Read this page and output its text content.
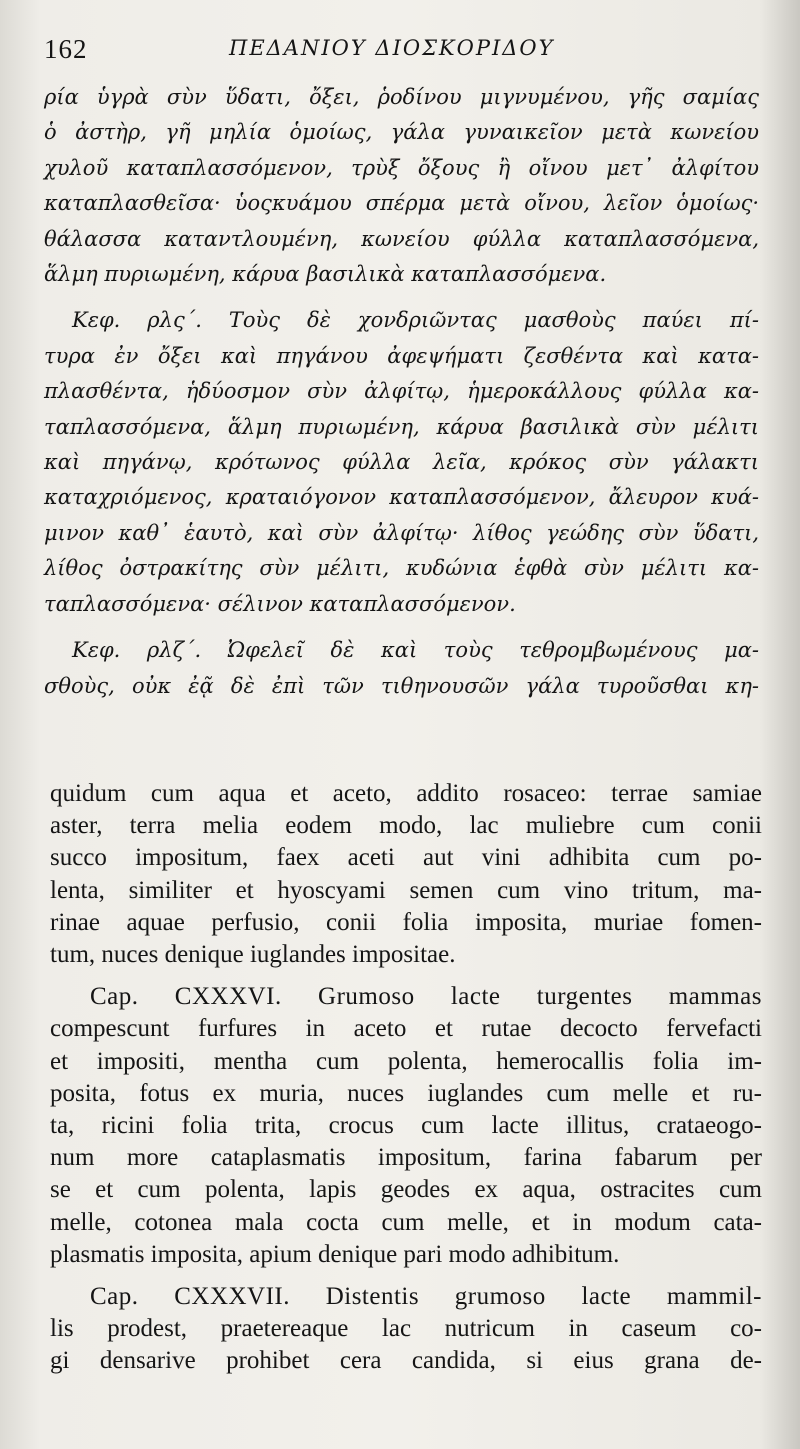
162	ΠΕΔΑΝΙΟΥ ΔΙΟΣΚΟΡΙΔΟΥ
ρία ὑγρὰ σὺν ὕδατι, ὄξει, ῥοδίνου μιγνυμένου, γῆς σαμίας
ὁ ἀστὴρ, γῆ μηλία ὁμοίως, γάλα γυναικεῖον μετὰ κωνείου
χυλοῦ καταπλασσόμενον, τρὺξ ὄξους ἢ οἴνου μετ᾽ ἀλφίτου
καταπλασθεῖσα· ὑοςκυάμου σπέρμα μετὰ οἴνου, λεῖον ὁμοίως·
θάλασσα καταντλουμένη, κωνείου φύλλα καταπλασσόμενα,
ἅλμη πυριωμένη, κάρυα βασιλικὰ καταπλασσόμενα.
Κεφ. ρλς΄. Τοὺς δὲ χονδριῶντας μασθοὺς παύει πί-
τυρα ἐν ὄξει καὶ πηγάνου ἀφεψήματι ζεσθέντα καὶ κατα-
πλασθέντα, ἡδύοσμον σὺν ἀλφίτῳ, ἡμεροκάλλους φύλλα κα-
ταπλασσόμενα, ἅλμη πυριωμένη, κάρυα βασιλικὰ σὺν μέλιτι
καὶ πηγάνῳ, κρότωνος φύλλα λεῖα, κρόκος σὺν γάλακτι
καταχριόμενος, κραταιόγονον καταπλασσόμενον, ἄλευρον κυά-
μινον καθ᾽ ἑαυτὸ, καὶ σὺν ἀλφίτῳ· λίθος γεώδης σὺν ὕδατι,
λίθος ὀστρακίτης σὺν μέλιτι, κυδώνια ἑφθὰ σὺν μέλιτι κα-
ταπλασσόμενα· σέλινον καταπλασσόμενον.
Κεφ. ρλζ΄. Ὠφελεῖ δὲ καὶ τοὺς τεθρομβωμένους μα-
σθοὺς, οὐκ ἐᾷ δὲ ἐπὶ τῶν τιθηνουσῶν γάλα τυροῦσθαι κη-
quidum cum aqua et aceto, addito rosaceo: terrae samiae
aster, terra melia eodem modo, lac muliebre cum conii
succo impositum, faex aceti aut vini adhibita cum po-
lenta, similiter et hyoscyami semen cum vino tritum, ma-
rinae aquae perfusio, conii folia imposita, muriae fomen-
tum, nuces denique iuglandes impositae.
Cap. CXXXVI. Grumoso lacte turgentes mammas
compescunt furfures in aceto et rutae decocto fervefacti
et impositi, mentha cum polenta, hemerocallis folia im-
posita, fotus ex muria, nuces iuglandes cum melle et ru-
ta, ricini folia trita, crocus cum lacte illitus, crataeogo-
num more cataplasmatis impositum, farina fabarum per
se et cum polenta, lapis geodes ex aqua, ostracites cum
melle, cotonea mala cocta cum melle, et in modum cata-
plasmatis imposita, apium denique pari modo adhibitum.
Cap. CXXXVII. Distentis grumoso lacte mammil-
lis prodest, praetereaque lac nutricum in caseum co-
gi densarive prohibet cera candida, si eius grana de-
